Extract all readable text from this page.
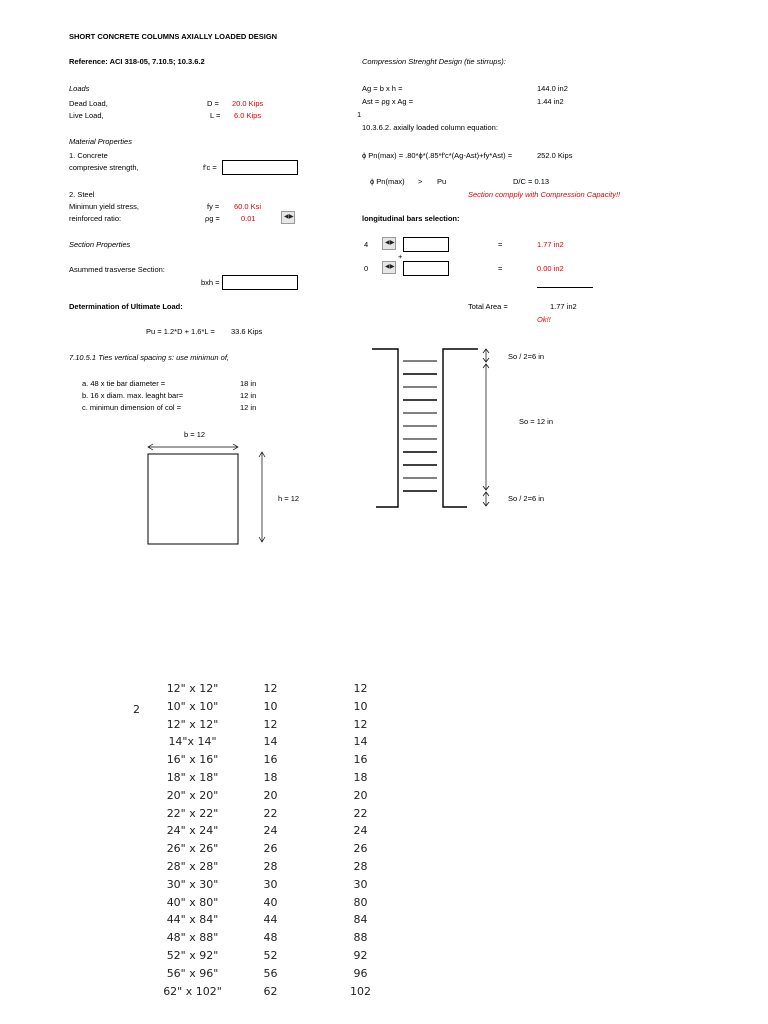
SHORT CONCRETE COLUMNS AXIALLY LOADED DESIGN
Reference: ACI 318-05, 7.10.5; 10.3.6.2
Loads
Dead Load,	D = 20.0 Kips
Live Load,	L = 6.0 Kips
Material Properties
1. Concrete
compresive strength,	f'c =
2. Steel
Minimun yield stress,	fy = 60.0 Ksi
reinforced ratio:	ρg =	0.01	◀ ▶
Section Properties
Asummed trasverse Section:
bxh =
Determination of Ultimate Load:
Pu = 1.2*D + 1.6*L = 33.6 Kips
7.10.5.1 Ties vertical spacing s: use minimun of,
a. 48 x tie bar diameter =	18 in
b. 16 x diam. max. leaght bar=	12 in
c. minimun dimension of col =	12 in
b = 12
h = 12
Compression Strenght Design (tie stirrups):
Ag = b x h =	144.0 in2
Ast = ρg x Ag =	1.44 in2
1
10.3.6.2. axially loaded column equation:
ϕ Pn(max) = .80*ϕ*(.85*f'c*(Ag-Ast)+fy*Ast) =	252.0 Kips
ϕ Pn(max) > Pu	D/C = 0.13
Section compply with Compression Capacity!!
longitudinal bars selection:
4	◀ ▶	=	1.77 in2
+
0	◀ ▶	=	0.00 in2
Total Area =	1.77 in2
Ok!!
So / 2=6 in
So = 12 in
So / 2=6 in
2
12" x 12"	12	12
10" x 10"	10	10
12" x 12"	12	12
14"x 14"	14	14
16" x 16"	16	16
18" x 18"	18	18
20" x 20"	20	20
22" x 22"	22	22
24" x 24"	24	24
26" x 26"	26	26
28" x 28"	28	28
30" x 30"	30	30
40" x 80"	40	80
44" x 84"	44	84
48" x 88"	48	88
52" x 92"	52	92
56" x 96"	56	96
62" x 102"	62	102
